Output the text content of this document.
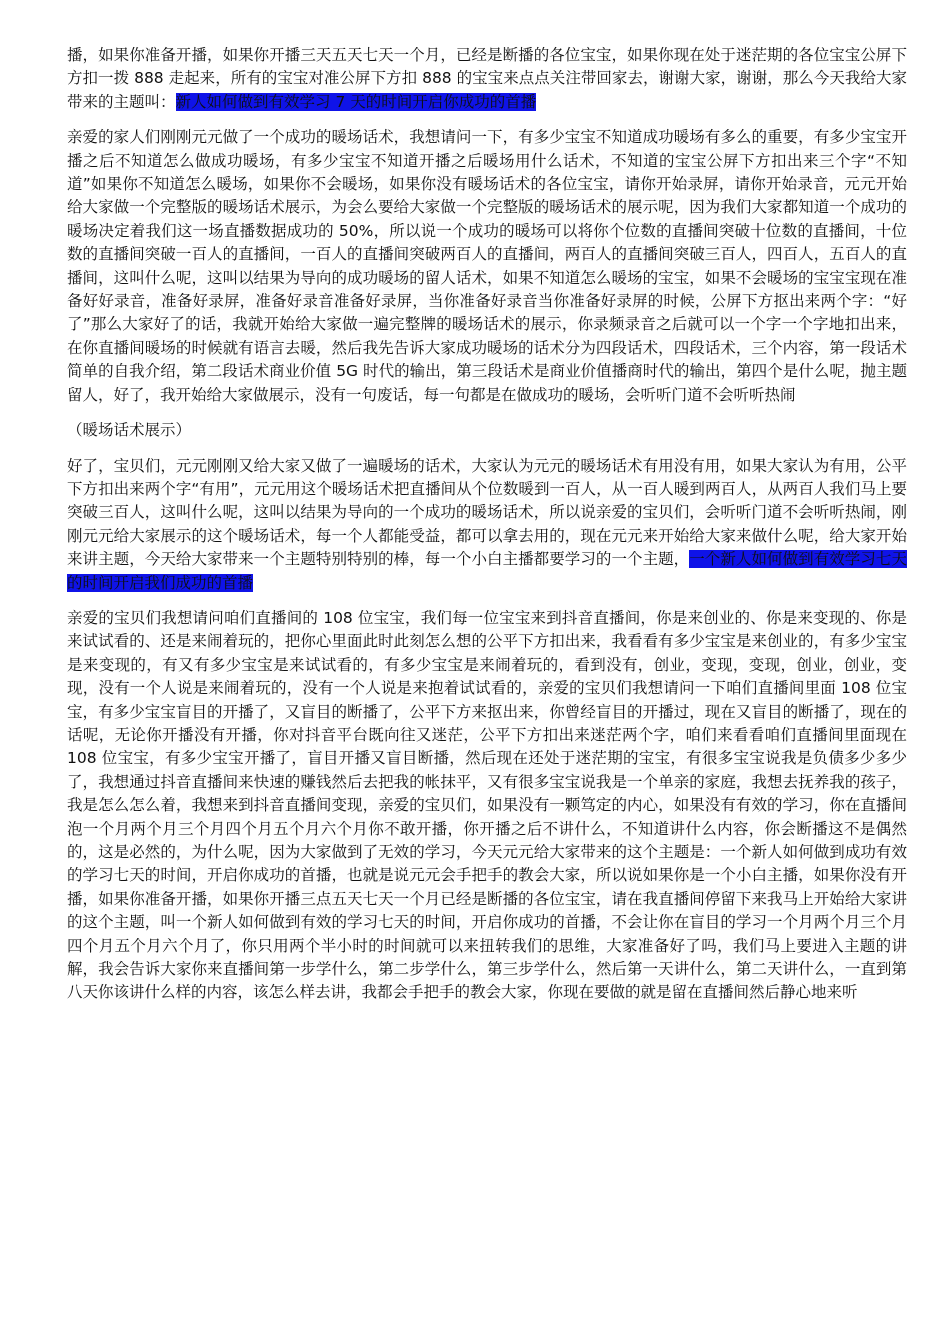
播，如果你准备开播，如果你开播三天五天七天一个月，已经是断播的各位宝宝，如果你现在处于迷茫期的各位宝宝公屏下方扣一拨 888 走起来，所有的宝宝对准公屏下方扣 888 的宝宝来点点关注带回家去，谢谢大家，谢谢，那么今天我给大家带来的主题叫：新人如何做到有效学习 7 天的时间开启你成功的首播

亲爱的家人们刚刚元元做了一个成功的暖场话术，我想请问一下，有多少宝宝不知道成功暖场有多么的重要，有多少宝宝开播之后不知道怎么做成功暖场，有多少宝宝不知道开播之后暖场用什么话术，不知道的宝宝公屏下方扣出来三个字“不知道”如果你不知道怎么暖场，如果你不会暖场，如果你没有暖场话术的各位宝宝，请你开始录屏，请你开始录音，元元开始给大家做一个完整版的暖场话术展示，为会么要给大家做一个完整版的暖场话术的展示呢，因为我们大家都知道一个成功的暖场决定着我们这一场直播数据成功的 50%，所以说一个成功的暖场可以将你个位数的直播间突破十位数的直播间，十位数的直播间突破一百人的直播间，一百人的直播间突破两百人的直播间，两百人的直播间突破三百人，四百人，五百人的直播间，这叫什么呢，这叫以结果为导向的成功暖场的留人话术，如果不知道怎么暖场的宝宝，如果不会暖场的宝宝宝现在准备好好录音，准备好录屏，准备好录音准备好录屏，当你准备好录音当你准备好录屏的时候，公屏下方抠出来两个字：“好了”那么大家好了的话，我就开始给大家做一遍完整牌的暖场话术的展示，你录频录音之后就可以一个字一个字地扣出来，在你直播间暖场的时候就有语言去暖，然后我先告诉大家成功暖场的话术分为四段话术，四段话术，三个内容，第一段话术简单的自我介绍，第二段话术商业价值 5G 时代的输出，第三段话术是商业价值播商时代的输出，第四个是什么呢，抛主题留人，好了，我开始给大家做展示，没有一句废话，每一句都是在做成功的暖场，会听听门道不会听听热闹

（暖场话术展示）

好了，宝贝们，元元刚刚又给大家又做了一遍暖场的话术，大家认为元元的暖场话术有用没有用，如果大家认为有用，公平下方扣出来两个字“有用”，元元用这个暖场话术把直播间从个位数暖到一百人，从一百人暖到两百人，从两百人我们马上要突破三百人，这叫什么呢，这叫以结果为导向的一个成功的暖场话术，所以说亲爱的宝贝们，会听听门道不会听听热闹，刚刚元元给大家展示的这个暖场话术，每一个人都能受益，都可以拿去用的，现在元元来开始给大家来做什么呢，给大家开始来讲主题，今天给大家带来一个主题特别特别的棒，每一个小白主播都要学习的一个主题，一个新人如何做到有效学习七天的时间开启我们成功的首播

亲爱的宝贝们我想请问咱们直播间的 108 位宝宝，我们每一位宝宝来到抖音直播间，你是来创业的、你是来变现的、你是来试试看的、还是来闹着玩的，把你心里面此时此刻怎么想的公平下方扣出来，我看看有多少宝宝是来创业的，有多少宝宝是来变现的，有又有多少宝宝是来试试看的，有多少宝宝是来闹着玩的，看到没有，创业，变现，变现，创业，创业，变现，没有一个人说是来闹着玩的，没有一个人说是来抱着试试看的，亲爱的宝贝们我想请问一下咱们直播间里面 108 位宝宝，有多少宝宝盲目的开播了，又盲目的断播了，公平下方来抠出来，你曾经盲目的开播过，现在又盲目的断播了，现在的话呢，无论你开播没有开播，你对抖音平台既向往又迷茫，公平下方扣出来迷茫两个字，咱们来看看咱们直播间里面现在 108 位宝宝，有多少宝宝开播了，盲目开播又盲目断播，然后现在还处于迷茫期的宝宝，有很多宝宝说我是负债多少多少了，我想通过抖音直播间来快速的赚钱然后去把我的帐抹平，又有很多宝宝说我是一个单亲的家庭，我想去抚养我的孩子，我是怎么怎么着，我想来到抖音直播间变现，亲爱的宝贝们，如果没有一颗笃定的内心，如果没有有效的学习，你在直播间泡一个月两个月三个月四个月五个月六个月你不敢开播，你开播之后不讲什么，不知道讲什么内容，你会断播这不是偶然的，这是必然的，为什么呢，因为大家做到了无效的学习，今天元元给大家带来的这个主题是：一个新人如何做到成功有效的学习七天的时间，开启你成功的首播，也就是说元元会手把手的教会大家，所以说如果你是一个小白主播，如果你没有开播，如果你准备开播，如果你开播三点五天七天一个月已经是断播的各位宝宝，请在我直播间停留下来我马上开始给大家讲的这个主题，叫一个新人如何做到有效的学习七天的时间，开启你成功的首播，不会让你在盲目的学习一个月两个月三个月四个月五个月六个月了，你只用两个半小时的时间就可以来扭转我们的思维，大家准备好了吗，我们马上要进入主题的讲解，我会告诉大家你来直播间第一步学什么，第二步学什么，第三步学什么，然后第一天讲什么，第二天讲什么，一直到第八天你该讲什么样的内容，该怎么样去讲，我都会手把手的教会大家，你现在要做的就是留在直播间然后静心地来听
